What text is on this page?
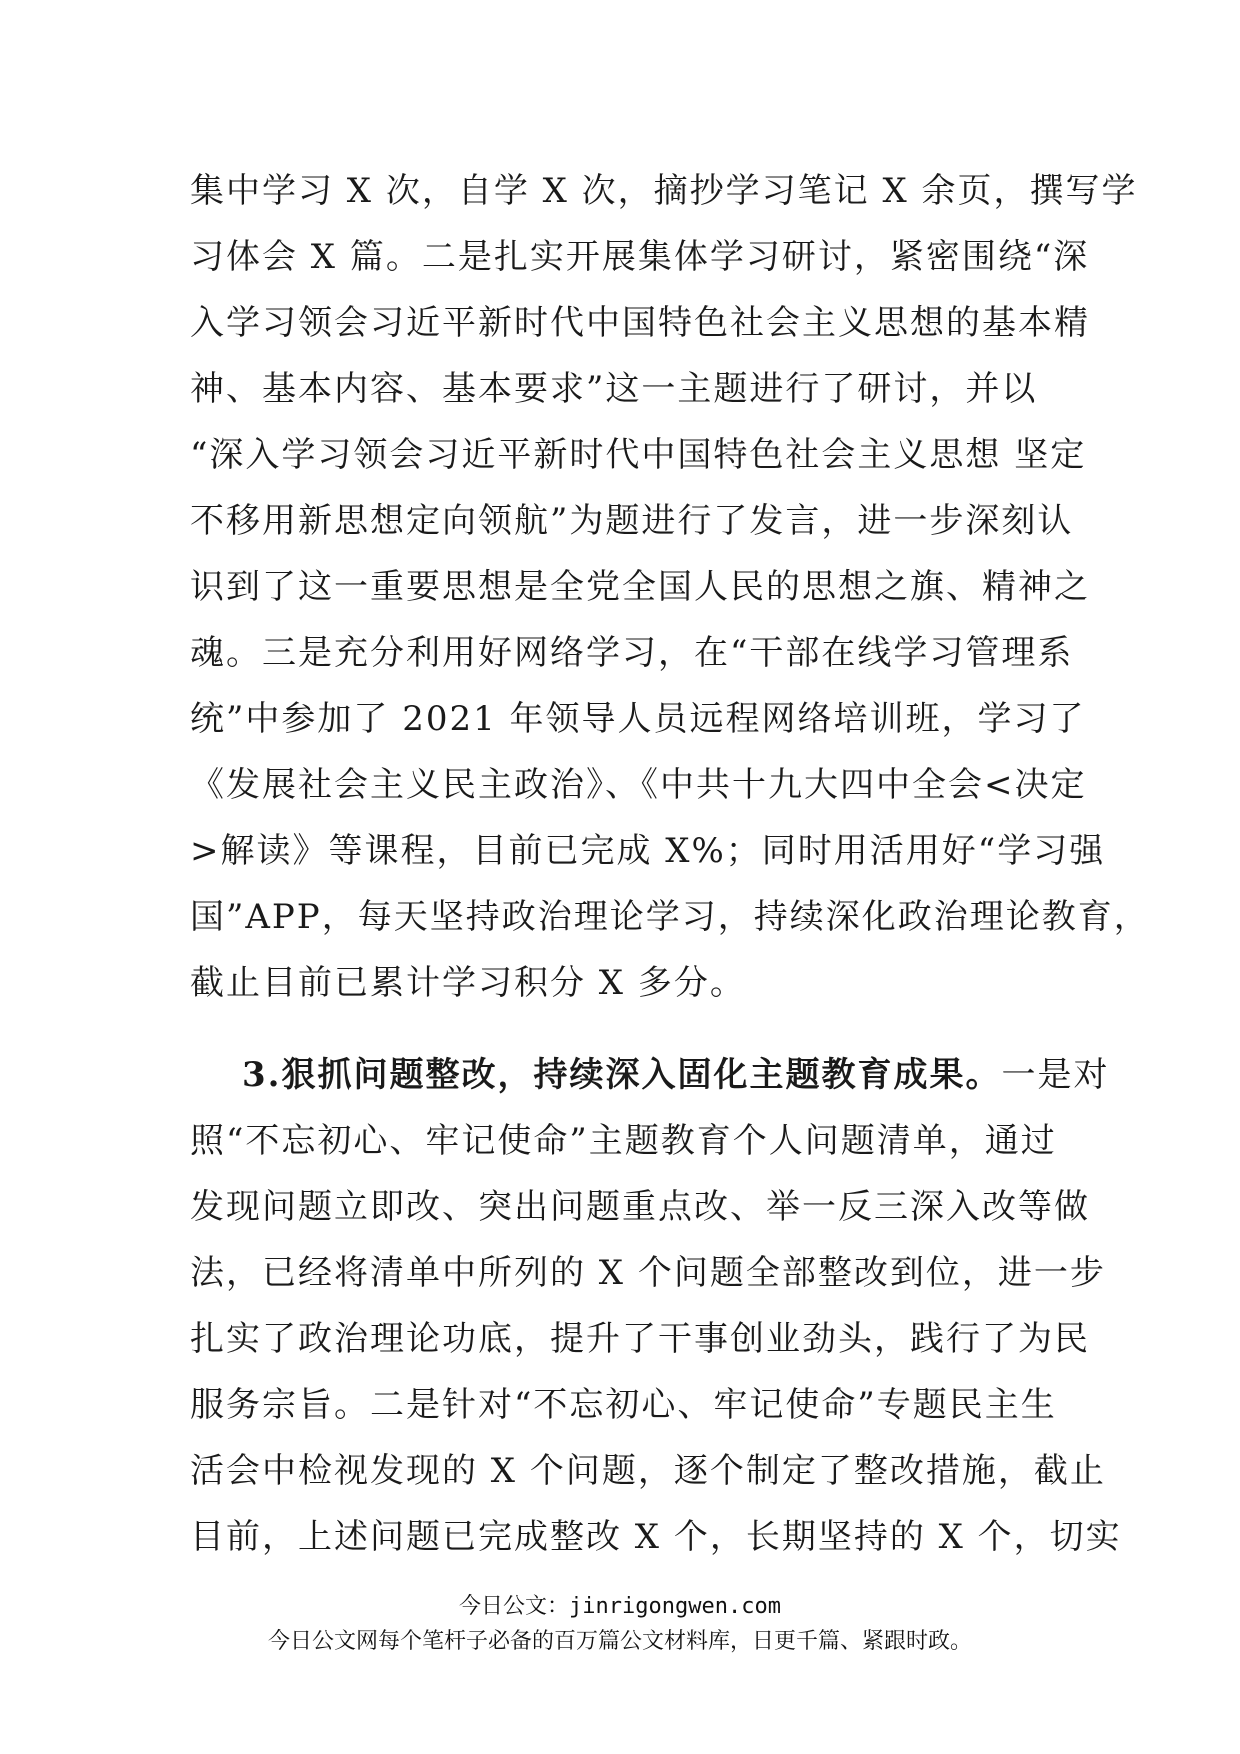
集中学习 X 次，自学 X 次，摘抄学习笔记 X 余页，撰写学
习体会 X 篇。二是扎实开展集体学习研讨，紧密围绕“深
入学习领会习近平新时代中国特色社会主义思想的基本精
神、基本内容、基本要求”这一主题进行了研讨，并以
“深入学习领会习近平新时代中国特色社会主义思想 坚定
不移用新思想定向领航”为题进行了发言，进一步深刻认
识到了这一重要思想是全党全国人民的思想之旗、精神之
魂。三是充分利用好网络学习，在“干部在线学习管理系
统”中参加了 2021 年领导人员远程网络培训班，学习了
《发展社会主义民主政治》、《中共十九大四中全会<决定
>解读》等课程，目前已完成 X%；同时用活用好“学习强
国”APP，每天坚持政治理论学习，持续深化政治理论教育，
截止目前已累计学习积分 X 多分。
3.狠抓问题整改，持续深入固化主题教育成果。一是对
照“不忘初心、牢记使命”主题教育个人问题清单，通过
发现问题立即改、突出问题重点改、举一反三深入改等做
法，已经将清单中所列的 X 个问题全部整改到位，进一步
扎实了政治理论功底，提升了干事创业劲头，践行了为民
服务宗旨。二是针对“不忘初心、牢记使命”专题民主生
活会中检视发现的 X 个问题，逐个制定了整改措施，截止
目前，上述问题已完成整改 X 个，长期坚持的 X 个，切实
今日公文：jinrigongwen.com
今日公文网每个笔杆子必备的百万篇公文材料库，日更千篇、紧跟时政。
